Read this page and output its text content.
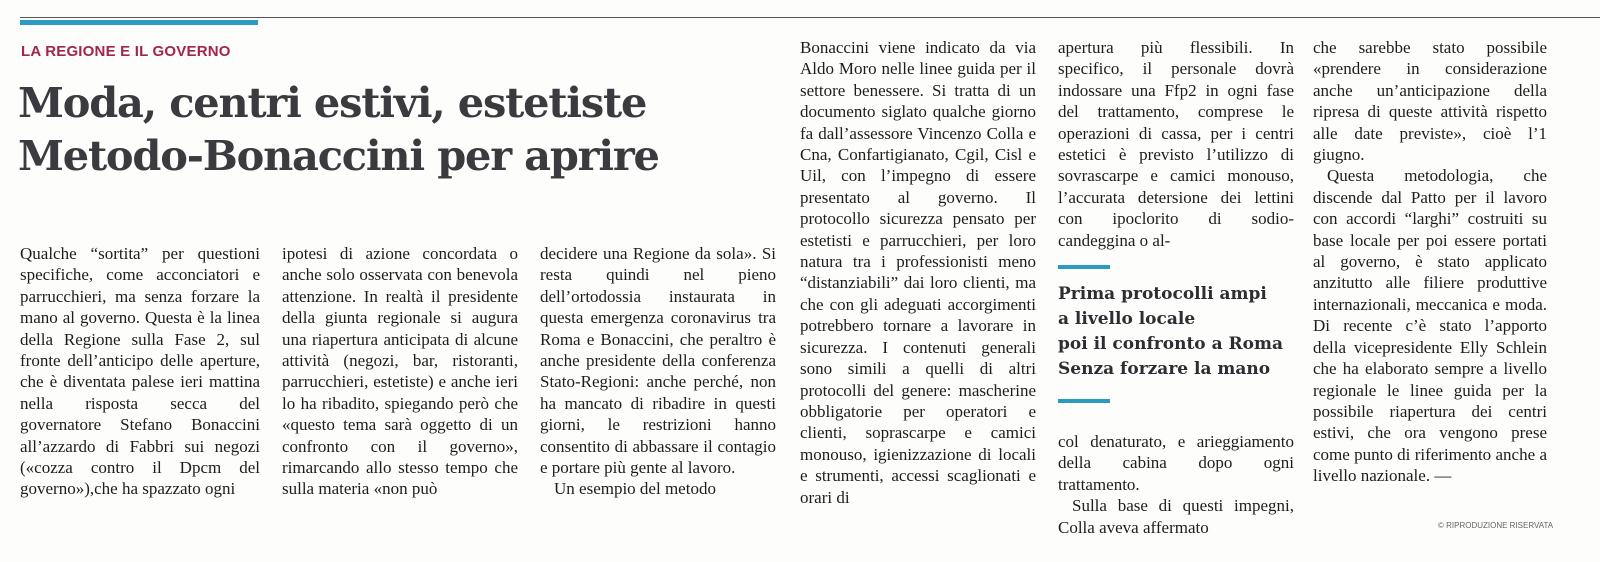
LA REGIONE E IL GOVERNO
Moda, centri estivi, estetiste
Metodo-Bonaccini per aprire

Qualche “sortita” per questioni specifiche, come acconciatori e parrucchieri, ma senza forzare la mano al governo. Questa è la linea della Regione sulla Fase 2, sul fronte dell’anticipo delle aperture, che è diventata palese ieri mattina nella risposta secca del governatore Stefano Bonaccini all’azzardo di Fabbri sui negozi («cozza contro il Dpcm del governo»),che ha spazzato ogni

ipotesi di azione concordata o anche solo osservata con benevola attenzione. In realtà il presidente della giunta regionale si augura una riapertura anticipata di alcune attività (negozi, bar, ristoranti, parrucchieri, estetiste) e anche ieri lo ha ribadito, spiegando però che «questo tema sarà oggetto di un confronto con il governo», rimarcando allo stesso tempo che sulla materia «non può

decidere una Regione da sola». Si resta quindi nel pieno dell’ortodossia instaurata in questa emergenza coronavirus tra Roma e Bonaccini, che peraltro è anche presidente della conferenza Stato-Regioni: anche perché, non ha mancato di ribadire in questi giorni, le restrizioni hanno consentito di abbassare il contagio e portare più gente al lavoro.

Un esempio del metodo

Bonaccini viene indicato da via Aldo Moro nelle linee guida per il settore benessere. Si tratta di un documento siglato qualche giorno fa dall’assessore Vincenzo Colla e Cna, Confartigianato, Cgil, Cisl e Uil, con l’impegno di essere presentato al governo. Il protocollo sicurezza pensato per estetisti e parrucchieri, per loro natura tra i professionisti meno “distanziabili” dai loro clienti, ma che con gli adeguati accorgimenti potrebbero tornare a lavorare in sicurezza. I contenuti generali sono simili a quelli di altri protocolli del genere: mascherine obbligatorie per operatori e clienti, soprascarpe e camici monouso, igienizzazione di locali e strumenti, accessi scaglionati e orari di

apertura più flessibili. In specifico, il personale dovrà indossare una Ffp2 in ogni fase del trattamento, comprese le operazioni di cassa, per i centri estetici è previsto l’utilizzo di sovrascarpe e camici monouso, l’accurata detersione dei lettini con ipoclorito di sodio-candeggina o al-

Prima protocolli ampi
a livello locale
poi il confronto a Roma
Senza forzare la mano

col denaturato, e arieggiamento della cabina dopo ogni trattamento.

Sulla base di questi impegni, Colla aveva affermato

che sarebbe stato possibile «prendere in considerazione anche un’anticipazione della ripresa di queste attività rispetto alle date previste», cioè l’1 giugno.

Questa metodologia, che discende dal Patto per il lavoro con accordi “larghi” costruiti su base locale per poi essere portati al governo, è stato applicato anzitutto alle filiere produttive internazionali, meccanica e moda. Di recente c’è stato l’apporto della vicepresidente Elly Schlein che ha elaborato sempre a livello regionale le linee guida per la possibile riapertura dei centri estivi, che ora vengono prese come punto di riferimento anche a livello nazionale. —

© RIPRODUZIONE RISERVATA
